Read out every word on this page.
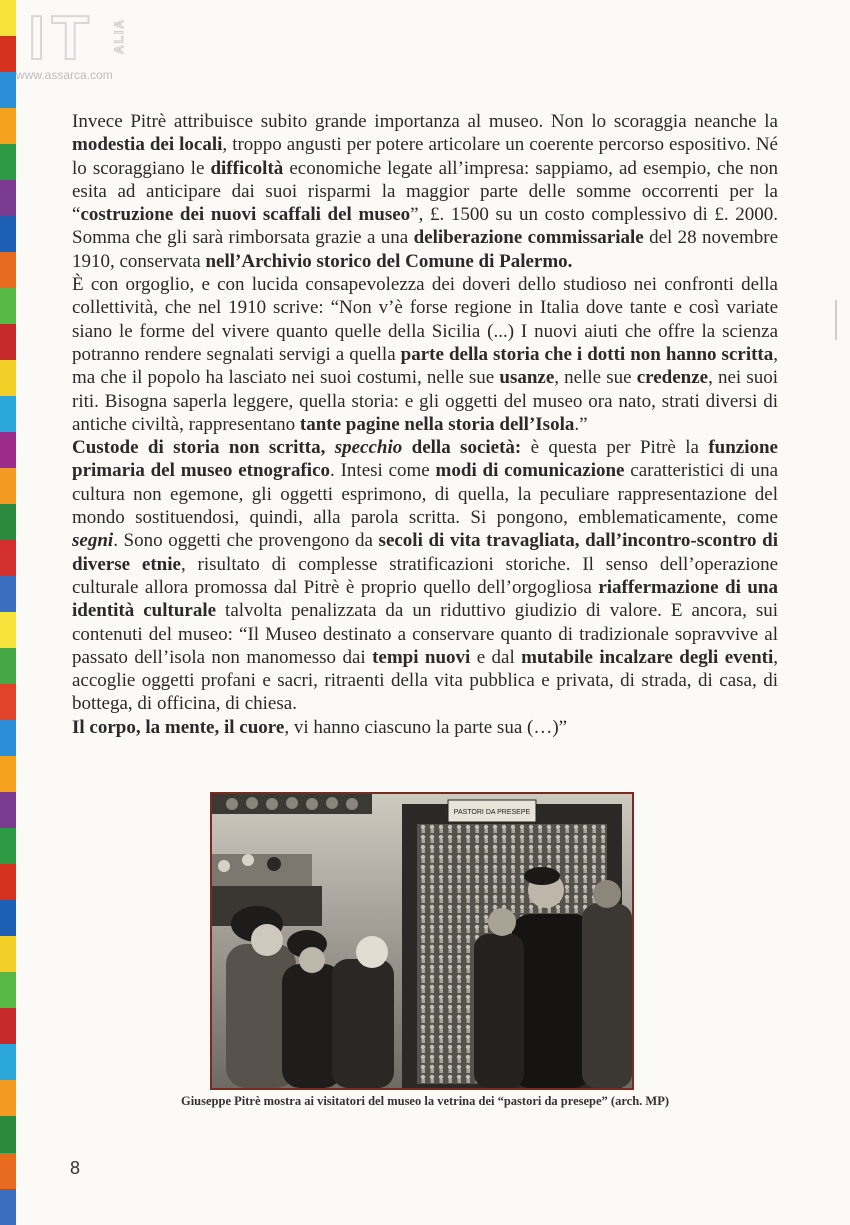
IT ALIA
www.assarca.com

Invece Pitrè attribuisce subito grande importanza al museo. Non lo scoraggia neanche la modestia dei locali, troppo angusti per potere articolare un coerente percorso espositivo. Né lo scoraggiano le difficoltà economiche legate all’impresa: sappiamo, ad esempio, che non esita ad anticipare dai suoi risparmi la maggior parte delle somme occorrenti per la “costruzione dei nuovi scaffali del museo”, £. 1500 su un costo complessivo di £. 2000. Somma che gli sarà rimborsata grazie a una deliberazione commissariale del 28 novembre 1910, conservata nell’Archivio storico del Comune di Palermo.

È con orgoglio, e con lucida consapevolezza dei doveri dello studioso nei confronti della collettività, che nel 1910 scrive: “Non v’è forse regione in Italia dove tante e così variate siano le forme del vivere quanto quelle della Sicilia (...) I nuovi aiuti che offre la scienza potranno rendere segnalati servigi a quella parte della storia che i dotti non hanno scritta, ma che il popolo ha lasciato nei suoi costumi, nelle sue usanze, nelle sue credenze, nei suoi riti. Bisogna saperla leggere, quella storia: e gli oggetti del museo ora nato, strati diversi di antiche civiltà, rappresentano tante pagine nella storia dell’Isola.”

Custode di storia non scritta, specchio della società: è questa per Pitrè la funzione primaria del museo etnografico. Intesi come modi di comunicazione caratteristici di una cultura non egemone, gli oggetti esprimono, di quella, la peculiare rappresentazione del mondo sostituendosi, quindi, alla parola scritta. Si pongono, emblematicamente, come segni. Sono oggetti che provengono da secoli di vita travagliata, dall’incontro-scontro di diverse etnie, risultato di complesse stratificazioni storiche. Il senso dell’operazione culturale allora promossa dal Pitrè è proprio quello dell’orgogliosa riaffermazione di una identità culturale talvolta penalizzata da un riduttivo giudizio di valore. E ancora, sui contenuti del museo: “Il Museo destinato a conservare quanto di tradizionale sopravvive al passato dell’isola non manomesso dai tempi nuovi e dal mutabile incalzare degli eventi, accoglie oggetti profani e sacri, ritraenti della vita pubblica e privata, di strada, di casa, di bottega, di officina, di chiesa.

Il corpo, la mente, il cuore, vi hanno ciascuno la parte sua (…)”

PASTORI DA PRESEPE
Giuseppe Pitrè mostra ai visitatori del museo la vetrina dei “pastori da presepe” (arch. MP)
8
